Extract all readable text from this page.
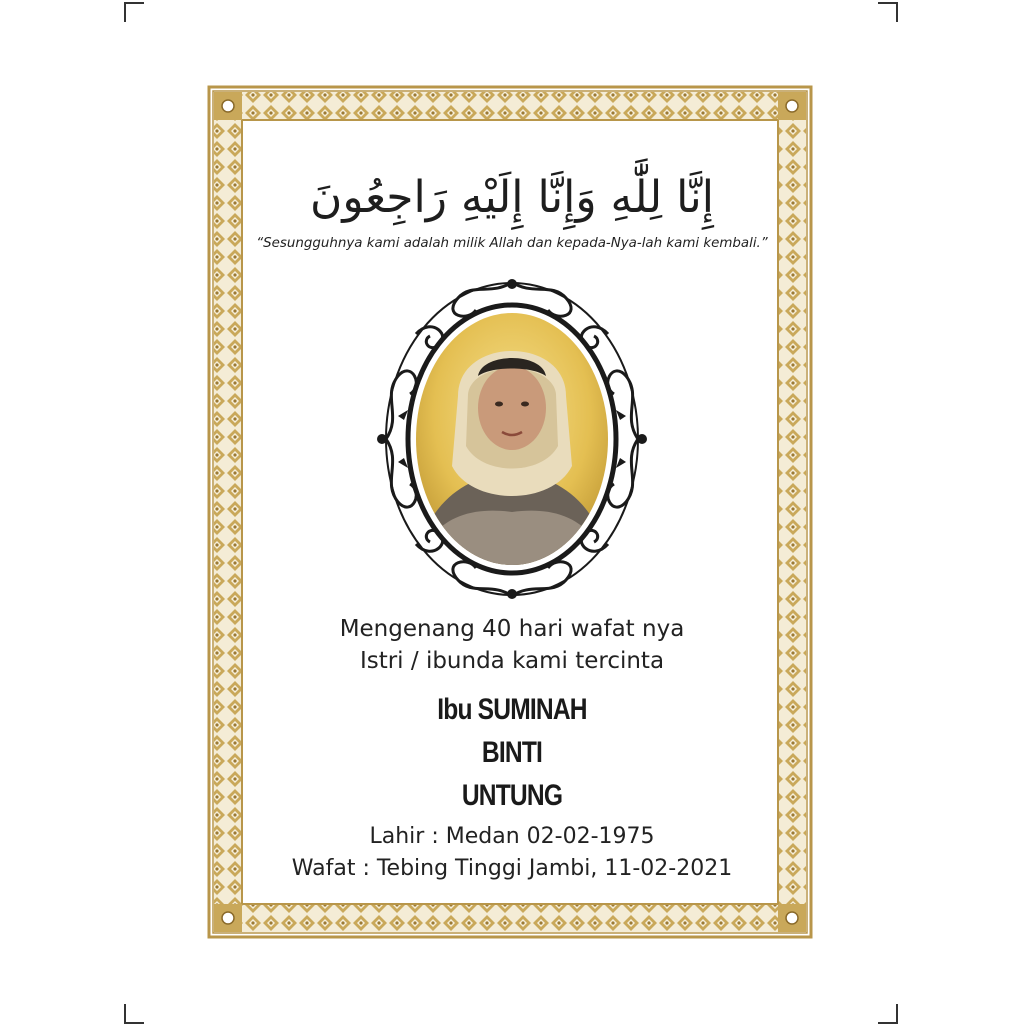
إِنَّا لِلَّٰهِ وَإِنَّا إِلَيْهِ رَاجِعُونَ
“Sesungguhnya kami adalah milik Allah dan kepada-Nya-lah kami kembali.”
Mengenang 40 hari wafat nya
Istri / ibunda kami tercinta
Ibu SUMINAH
BINTI
UNTUNG
Lahir : Medan 02-02-1975
Wafat : Tebing Tinggi Jambi, 11-02-2021
